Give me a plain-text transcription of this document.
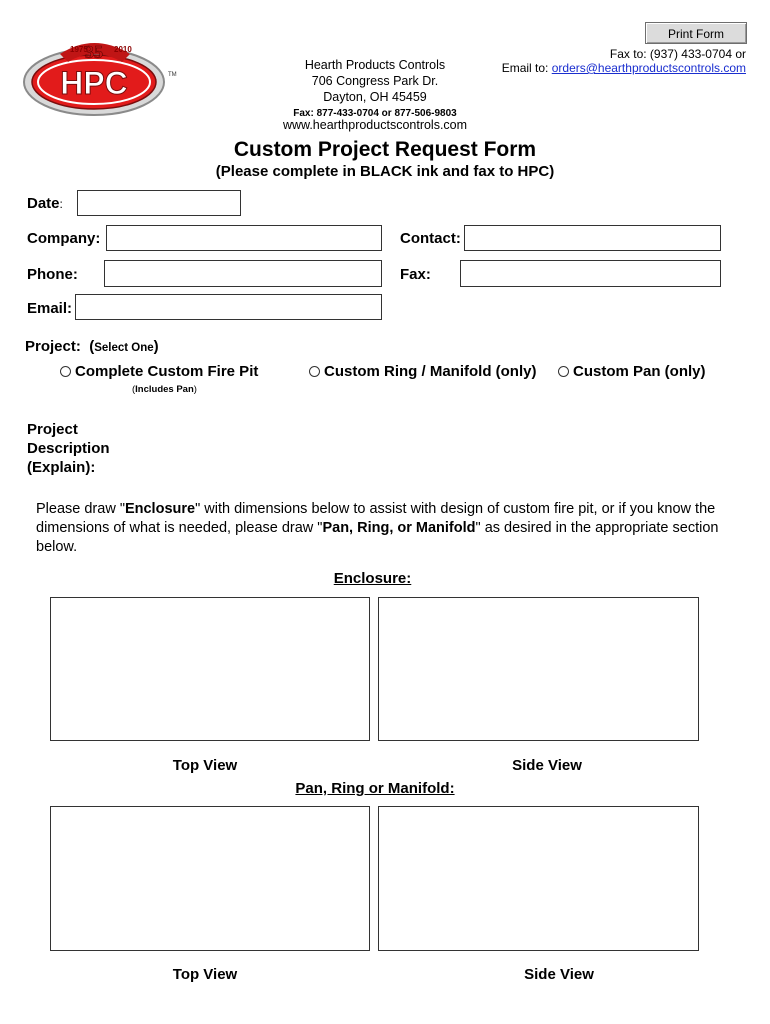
Print Form
HPC
1975	2010
35
TM
Hearth Products Controls
706 Congress Park Dr.
Dayton, OH 45459
Fax: 877-433-0704 or 877-506-9803
www.hearthproductscontrols.com
Fax to: (937) 433-0704 or
Email to: orders@hearthproductscontrols.com
Custom Project Request Form
(Please complete in BLACK ink and fax to HPC)
Date:
Company:	Contact:
Phone:	Fax:
Email:
Project: (Select One)
Complete Custom Fire Pit
(Includes Pan)
Custom Ring / Manifold (only) Custom Pan (only)
Project
Description
(Explain):
Please draw "Enclosure" with dimensions below to assist with design of custom fire pit, or if you know the dimensions of what is needed, please draw "Pan, Ring, or Manifold" as desired in the appropriate section below.
Enclosure:
Top View	Side View
Pan, Ring or Manifold:
Top View	Side View
